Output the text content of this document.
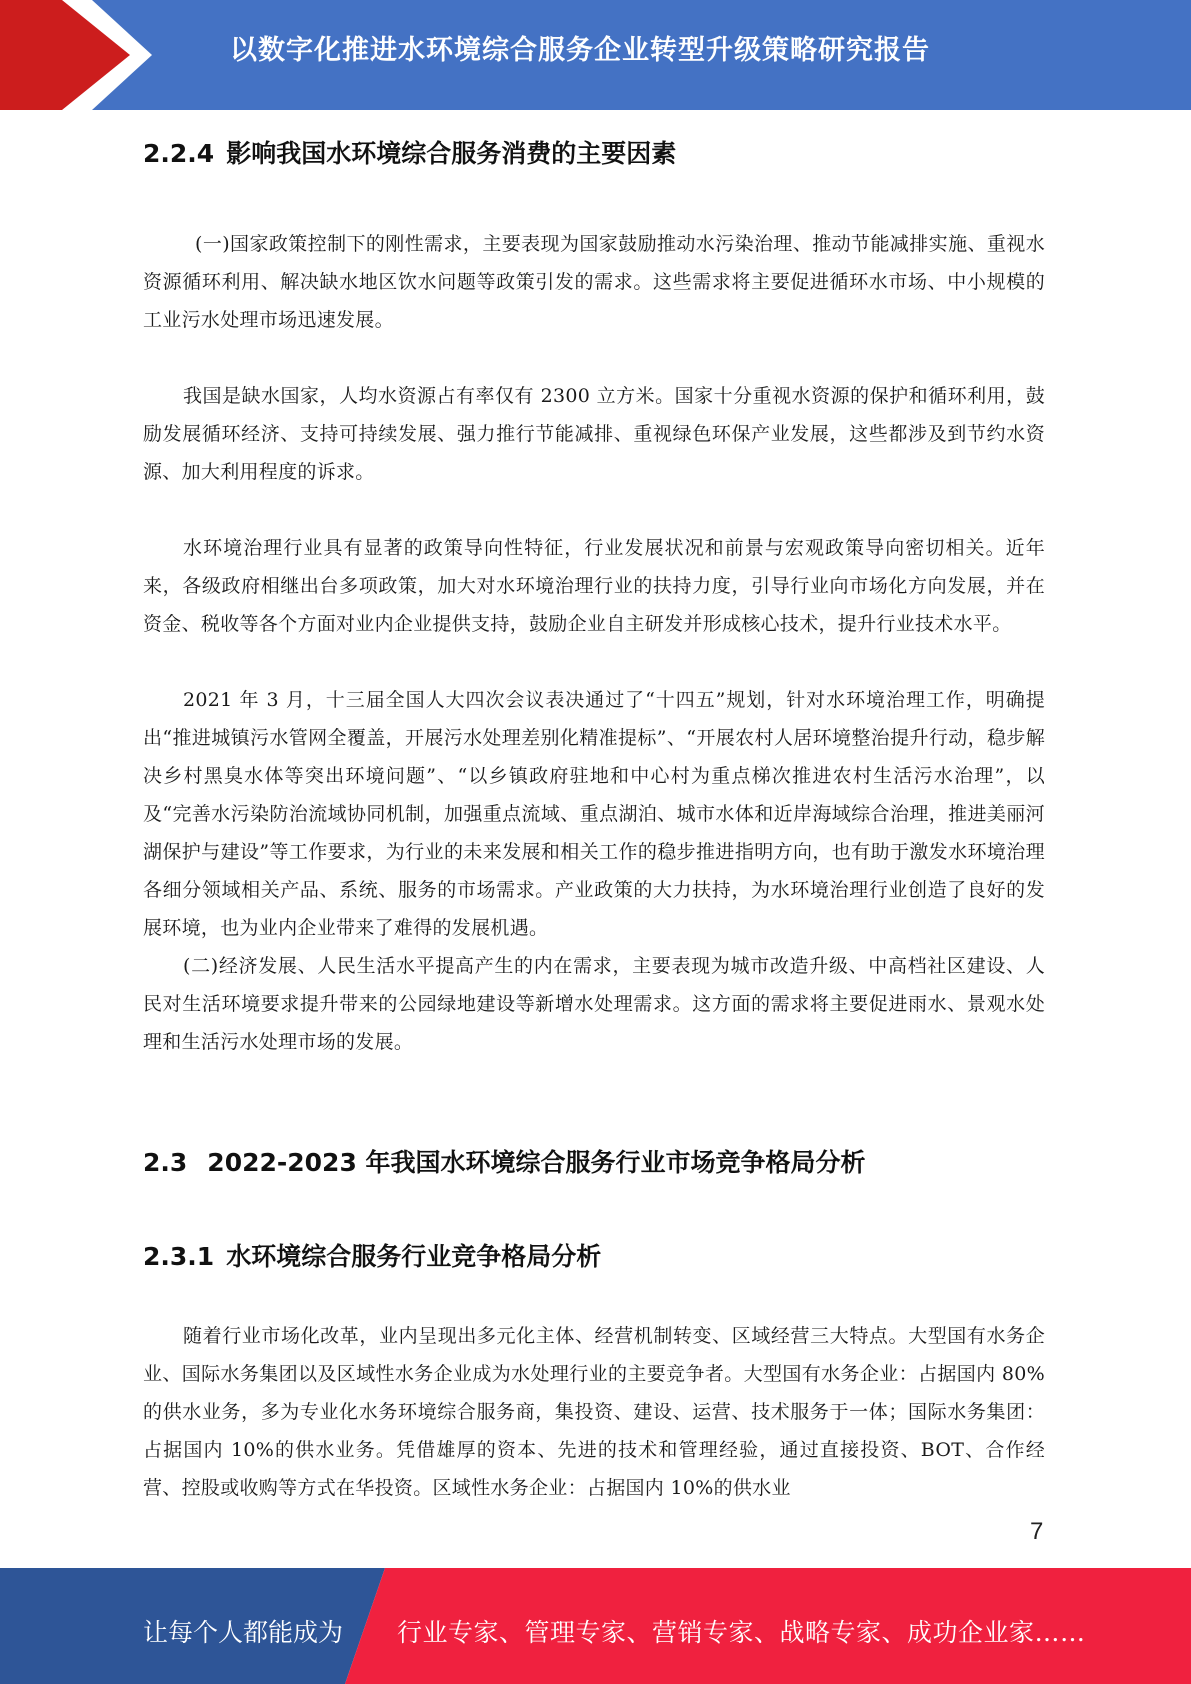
以数字化推进水环境综合服务企业转型升级策略研究报告
2.2.4 影响我国水环境综合服务消费的主要因素

(一)国家政策控制下的刚性需求，主要表现为国家鼓励推动水污染治理、推动节能减排实施、重视水资源循环利用、解决缺水地区饮水问题等政策引发的需求。这些需求将主要促进循环水市场、中小规模的工业污水处理市场迅速发展。

我国是缺水国家，人均水资源占有率仅有 2300 立方米。国家十分重视水资源的保护和循环利用，鼓励发展循环经济、支持可持续发展、强力推行节能减排、重视绿色环保产业发展，这些都涉及到节约水资源、加大利用程度的诉求。

水环境治理行业具有显著的政策导向性特征，行业发展状况和前景与宏观政策导向密切相关。近年来，各级政府相继出台多项政策，加大对水环境治理行业的扶持力度，引导行业向市场化方向发展，并在资金、税收等各个方面对业内企业提供支持，鼓励企业自主研发并形成核心技术，提升行业技术水平。

2021 年 3 月，十三届全国人大四次会议表决通过了“十四五”规划，针对水环境治理工作，明确提出“推进城镇污水管网全覆盖，开展污水处理差别化精准提标”、“开展农村人居环境整治提升行动，稳步解决乡村黑臭水体等突出环境问题”、“以乡镇政府驻地和中心村为重点梯次推进农村生活污水治理”，以及“完善水污染防治流域协同机制，加强重点流域、重点湖泊、城市水体和近岸海域综合治理，推进美丽河湖保护与建设”等工作要求，为行业的未来发展和相关工作的稳步推进指明方向，也有助于激发水环境治理各细分领域相关产品、系统、服务的市场需求。产业政策的大力扶持，为水环境治理行业创造了良好的发展环境，也为业内企业带来了难得的发展机遇。

(二)经济发展、人民生活水平提高产生的内在需求，主要表现为城市改造升级、中高档社区建设、人民对生活环境要求提升带来的公园绿地建设等新增水处理需求。这方面的需求将主要促进雨水、景观水处理和生活污水处理市场的发展。

2.3 2022-2023 年我国水环境综合服务行业市场竞争格局分析
2.3.1 水环境综合服务行业竞争格局分析

随着行业市场化改革，业内呈现出多元化主体、经营机制转变、区域经营三大特点。大型国有水务企业、国际水务集团以及区域性水务企业成为水处理行业的主要竞争者。大型国有水务企业：占据国内 80%的供水业务，多为专业化水务环境综合服务商，集投资、建设、运营、技术服务于一体；国际水务集团：占据国内 10%的供水业务。凭借雄厚的资本、先进的技术和管理经验，通过直接投资、BOT、合作经营、控股或收购等方式在华投资。区域性水务企业：占据国内 10%的供水业

7
让每个人都能成为 行业专家、管理专家、营销专家、战略专家、成功企业家……
